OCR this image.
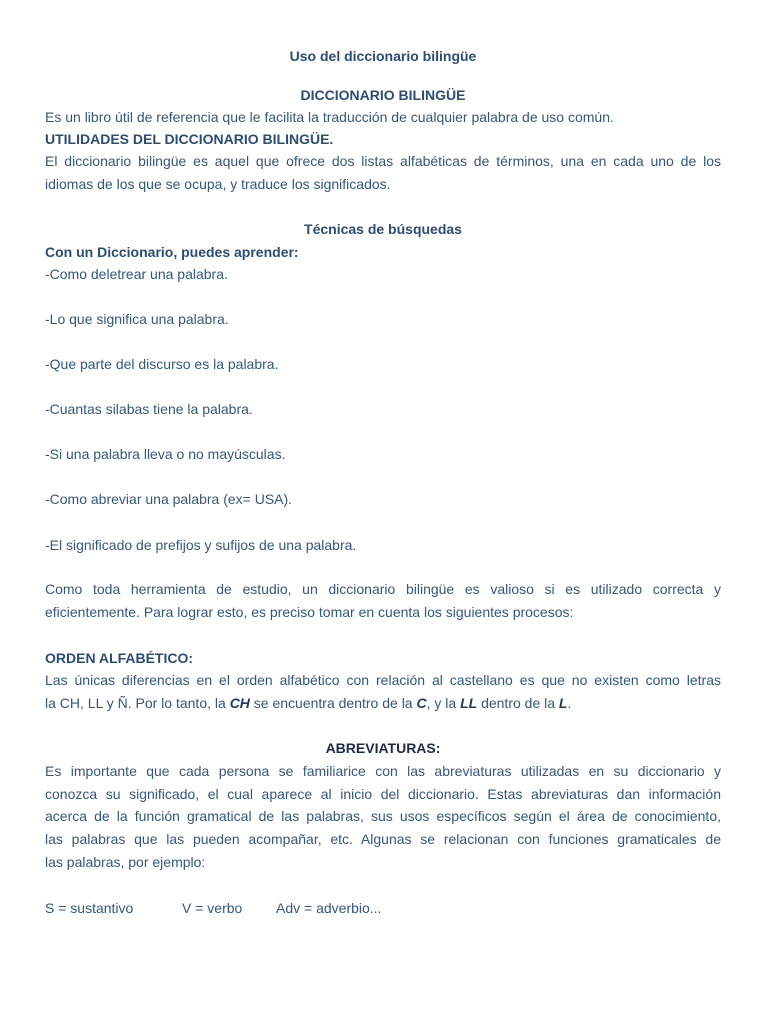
Uso del diccionario bilingüe
DICCIONARIO BILINGÜE
Es un libro útil de referencia que le facilita la traducción de cualquier palabra de uso común.
UTILIDADES DEL DICCIONARIO BILINGÜE.
El diccionario bilingüe es aquel que ofrece dos listas alfabéticas de términos, una en cada uno de los
idiomas de los que se ocupa, y traduce los significados.
Técnicas de búsquedas
Con un Diccionario, puedes aprender:
-Como deletrear una palabra.
-Lo que significa una palabra.
-Que parte del discurso es la palabra.
-Cuantas silabas tiene la palabra.
-Si una palabra lleva o no mayúsculas.
-Como abreviar una palabra (ex= USA).
-El significado de prefijos y sufijos de una palabra.
Como toda herramienta de estudio, un diccionario bilingüe es valioso si es utilizado correcta y
eficientemente. Para lograr esto, es preciso tomar en cuenta los siguientes procesos:
ORDEN ALFABÉTICO:
Las únicas diferencias en el orden alfabético con relación al castellano es que no existen como letras
la CH, LL y Ñ. Por lo tanto, la CH se encuentra dentro de la C, y la LL dentro de la L.
ABREVIATURAS:
Es importante que cada persona se familiarice con las abreviaturas utilizadas en su diccionario y
conozca su significado, el cual aparece al inicio del diccionario. Estas abreviaturas dan información
acerca de la función gramatical de las palabras, sus usos específicos según el área de conocimiento,
las palabras que las pueden acompañar, etc. Algunas se relacionan con funciones gramaticales de
las palabras, por ejemplo:
S = sustantivo	V = verbo Adv = adverbio...
